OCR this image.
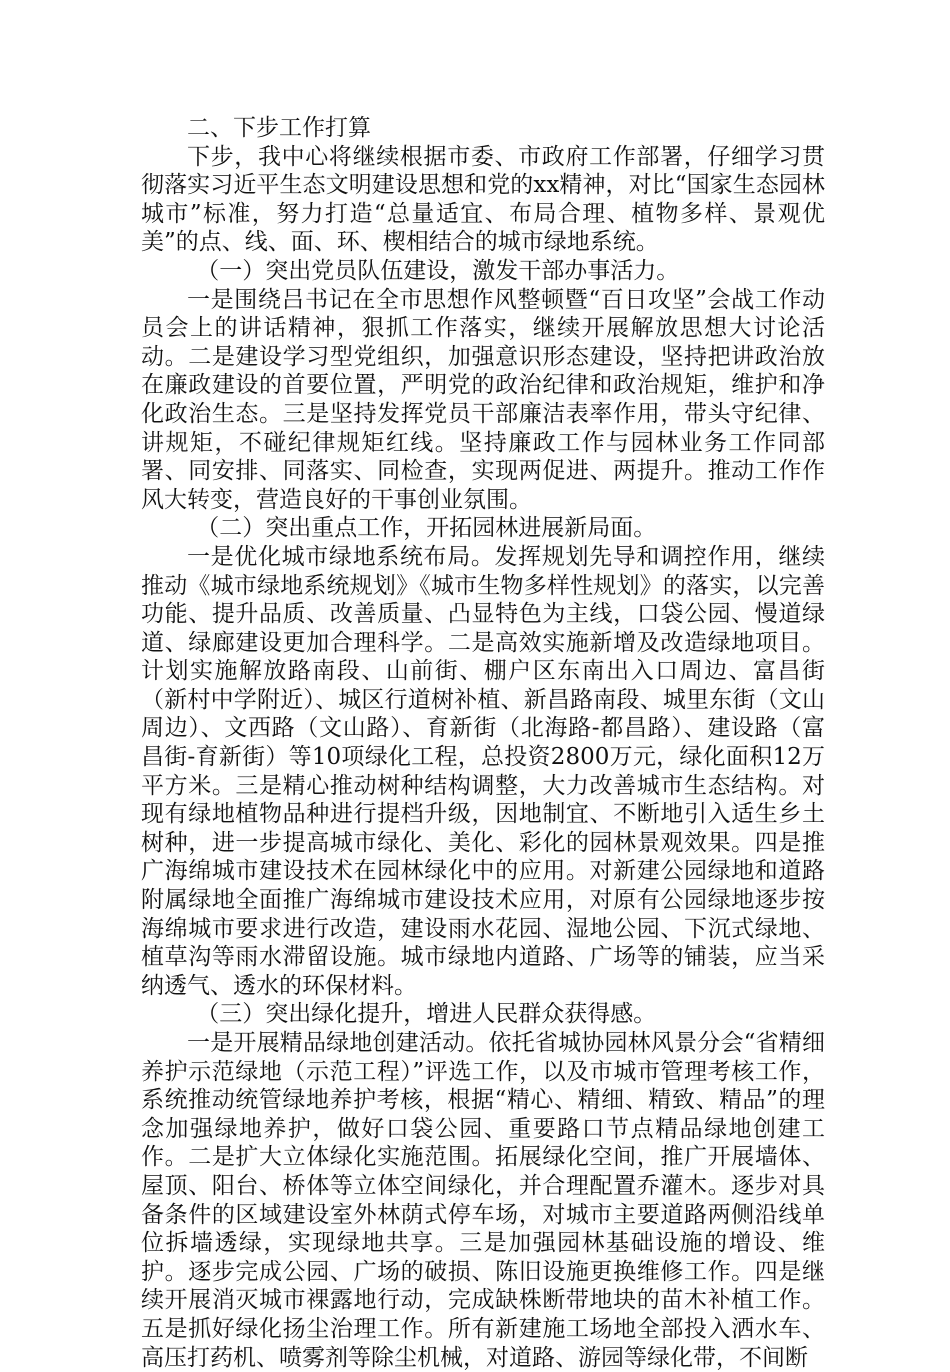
二、下步工作打算

下步，我中心将继续根据市委、市政府工作部署，仔细学习贯彻落实习近平生态文明建设思想和党的xx精神，对比“国家生态园林城市”标准，努力打造“总量适宜、布局合理、植物多样、景观优美”的点、线、面、环、楔相结合的城市绿地系统。

（一）突出党员队伍建设，激发干部办事活力。

一是围绕吕书记在全市思想作风整顿暨“百日攻坚”会战工作动员会上的讲话精神，狠抓工作落实，继续开展解放思想大讨论活动。二是建设学习型党组织，加强意识形态建设，坚持把讲政治放在廉政建设的首要位置，严明党的政治纪律和政治规矩，维护和净化政治生态。三是坚持发挥党员干部廉洁表率作用，带头守纪律、讲规矩，不碰纪律规矩红线。坚持廉政工作与园林业务工作同部署、同安排、同落实、同检查，实现两促进、两提升。推动工作作风大转变，营造良好的干事创业氛围。

（二）突出重点工作，开拓园林进展新局面。

一是优化城市绿地系统布局。发挥规划先导和调控作用，继续推动《城市绿地系统规划》《城市生物多样性规划》的落实，以完善功能、提升品质、改善质量、凸显特色为主线，口袋公园、慢道绿道、绿廊建设更加合理科学。二是高效实施新增及改造绿地项目。计划实施解放路南段、山前街、棚户区东南出入口周边、富昌街（新村中学附近）、城区行道树补植、新昌路南段、城里东街（文山周边）、文西路（文山路）、育新街（北海路-都昌路）、建设路（富昌街-育新街）等10项绿化工程，总投资2800万元，绿化面积12万平方米。三是精心推动树种结构调整，大力改善城市生态结构。对现有绿地植物品种进行提档升级，因地制宜、不断地引入适生乡土树种，进一步提高城市绿化、美化、彩化的园林景观效果。四是推广海绵城市建设技术在园林绿化中的应用。对新建公园绿地和道路附属绿地全面推广海绵城市建设技术应用，对原有公园绿地逐步按海绵城市要求进行改造，建设雨水花园、湿地公园、下沉式绿地、植草沟等雨水滞留设施。城市绿地内道路、广场等的铺装，应当采纳透气、透水的环保材料。

（三）突出绿化提升，增进人民群众获得感。

一是开展精品绿地创建活动。依托省城协园林风景分会“省精细养护示范绿地（示范工程）”评选工作，以及市城市管理考核工作，系统推动统管绿地养护考核，根据“精心、精细、精致、精品”的理念加强绿地养护，做好口袋公园、重要路口节点精品绿地创建工作。二是扩大立体绿化实施范围。拓展绿化空间，推广开展墙体、屋顶、阳台、桥体等立体空间绿化，并合理配置乔灌木。逐步对具备条件的区域建设室外林荫式停车场，对城市主要道路两侧沿线单位拆墙透绿，实现绿地共享。三是加强园林基础设施的增设、维护。逐步完成公园、广场的破损、陈旧设施更换维修工作。四是继续开展消灭城市裸露地行动，完成缺株断带地块的苗木补植工作。五是抓好绿化扬尘治理工作。所有新建施工场地全部投入洒水车、高压打药机、喷雾剂等除尘机械，对道路、游园等绿化带，不间断
